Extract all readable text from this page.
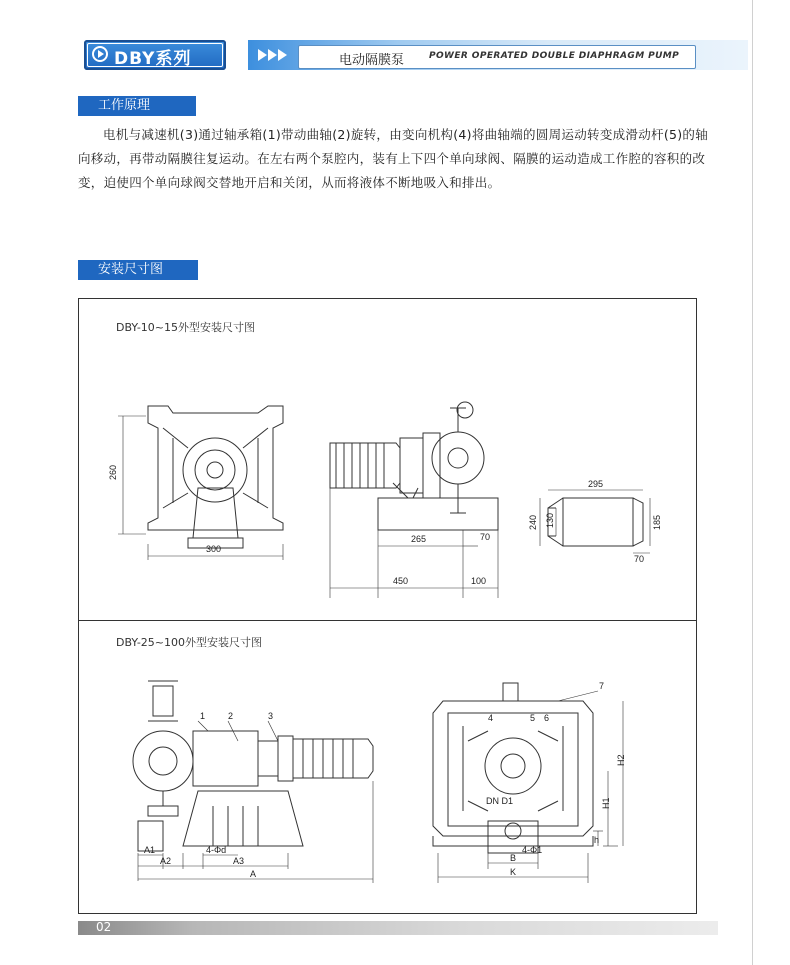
DBY系列	电动隔膜泵	POWER OPERATED DOUBLE DIAPHRAGM PUMP
工作原理
电机与减速机(3)通过轴承箱(1)带动曲轴(2)旋转，由变向机构(4)将曲轴端的圆周运动转变成滑动杆(5)的轴向移动，再带动隔膜往复运动。在左右两个泵腔内，装有上下四个单向球阀、隔膜的运动造成工作腔的容积的改变，迫使四个单向球阀交替地开启和关闭，从而将液体不断地吸入和排出。
安装尺寸图
DBY-10~15外型安装尺寸图
DBY-25~100外型安装尺寸图
260
300
265	70
450	100
295
240 130	185
70
1	2	3	4	5 6
7
A1
A2
4-Φd
A3
A
DN D1
4-Φ1
B
K
h
H1
H2
02
